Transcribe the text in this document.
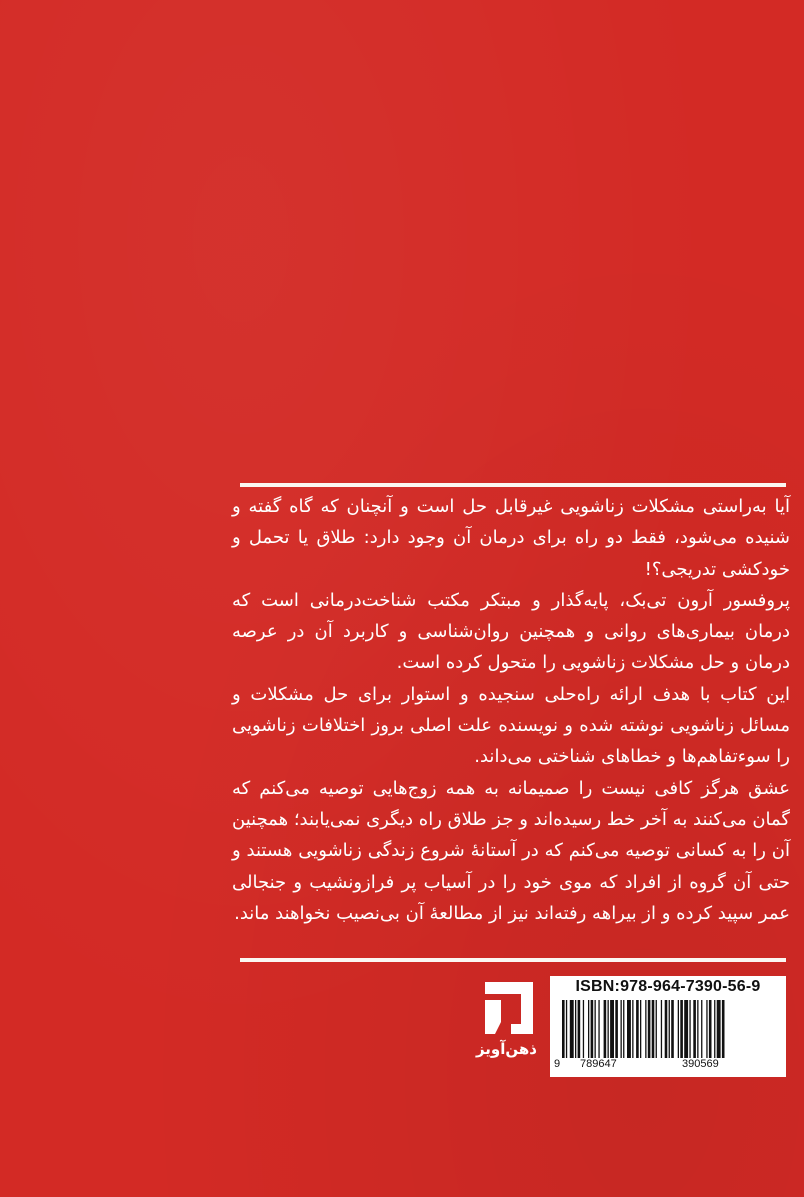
آیا به‌راستی مشکلات زناشویی غیرقابل حل است و آنچنان که گاه گفته و شنیده می‌شود، فقط دو راه برای درمان آن وجود دارد: طلاق یا تحمل و خودکشی تدریجی؟!

پروفسور آرون تی‌بک، پایه‌گذار و مبتکر مکتب شناخت‌درمانی است که درمان بیماری‌های روانی و همچنین روان‌شناسی و کاربرد آن در عرصه درمان و حل مشکلات زناشویی را متحول کرده است.

این کتاب با هدف ارائه راه‌حلی سنجیده و استوار برای حل مشکلات و مسائل زناشویی نوشته شده و نویسنده علت اصلی بروز اختلافات زناشویی را سوءتفاهم‌ها و خطاهای شناختی می‌داند.

عشق هرگز کافی نیست را صمیمانه به همه زوج‌هایی توصیه می‌کنم که گمان می‌کنند به آخر خط رسیده‌اند و جز طلاق راه دیگری نمی‌یابند؛ همچنین آن را به کسانی توصیه می‌کنم که در آستانهٔ شروع زندگی زناشویی هستند و حتی آن گروه از افراد که موی خود را در آسیاب پر فرازونشیب و جنجالی عمر سپید کرده و از بیراهه رفته‌اند نیز از مطالعهٔ آن بی‌نصیب نخواهند ماند.

ذهن‌آویز
ISBN:978-964-7390-56-9
9 789647	390569
